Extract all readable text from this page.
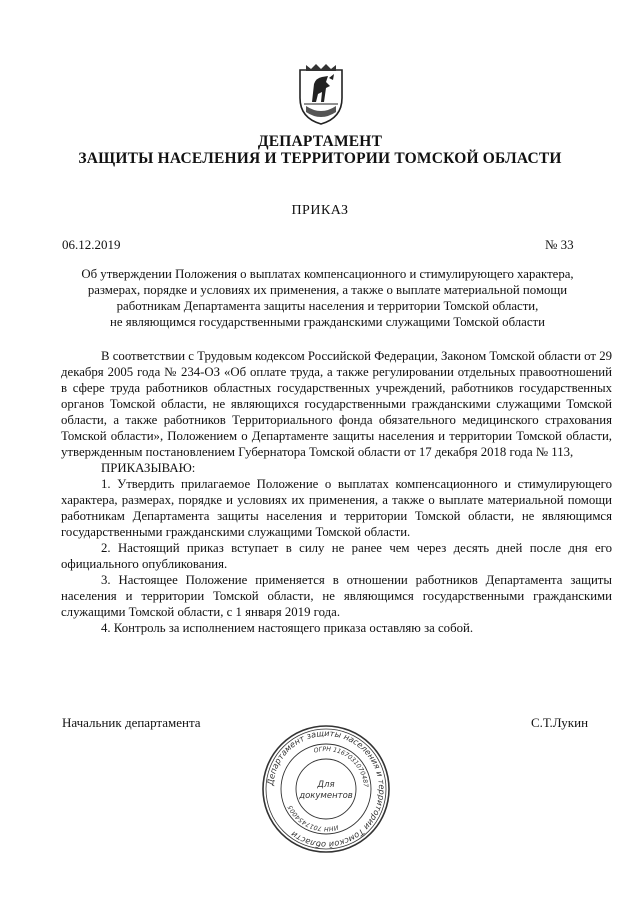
ДЕПАРТАМЕНТ
ЗАЩИТЫ НАСЕЛЕНИЯ И ТЕРРИТОРИИ ТОМСКОЙ ОБЛАСТИ
ПРИКАЗ
06.12.2019	№ 33
Об утверждении Положения о выплатах компенсационного и стимулирующего характера,
размерах, порядке и условиях их применения, а также о выплате материальной помощи
работникам Департамента защиты населения и территории Томской области,
не являющимся государственными гражданскими служащими Томской области

В соответствии с Трудовым кодексом Российской Федерации, Законом Томской области от 29 декабря 2005 года № 234-ОЗ «Об оплате труда, а также регулировании отдельных правоотношений в сфере труда работников областных государственных учреждений, работников государственных органов Томской области, не являющихся государственными гражданскими служащими Томской области, а также работников Территориального фонда обязательного медицинского страхования Томской области», Положением о Департаменте защиты населения и территории Томской области, утвержденным постановлением Губернатора Томской области от 17 декабря 2018 года № 113,

ПРИКАЗЫВАЮ:

1. Утвердить прилагаемое Положение о выплатах компенсационного и стимулирующего характера, размерах, порядке и условиях их применения, а также о выплате материальной помощи работникам Департамента защиты населения и территории Томской области, не являющимся государственными гражданскими служащими Томской области.

2. Настоящий приказ вступает в силу не ранее чем через десять дней после дня его официального опубликования.

3. Настоящее Положение применяется в отношении работников Департамента защиты населения и территории Томской области, не являющимся государственными гражданскими служащими Томской области, с 1 января 2019 года.

4. Контроль за исполнением настоящего приказа оставляю за собой.

Начальник департамента	С.Т.Лукин
Департамент защиты населения и территории Томской области
ОГРН 1167031070487
ИНН 7017454005
Для
документов
